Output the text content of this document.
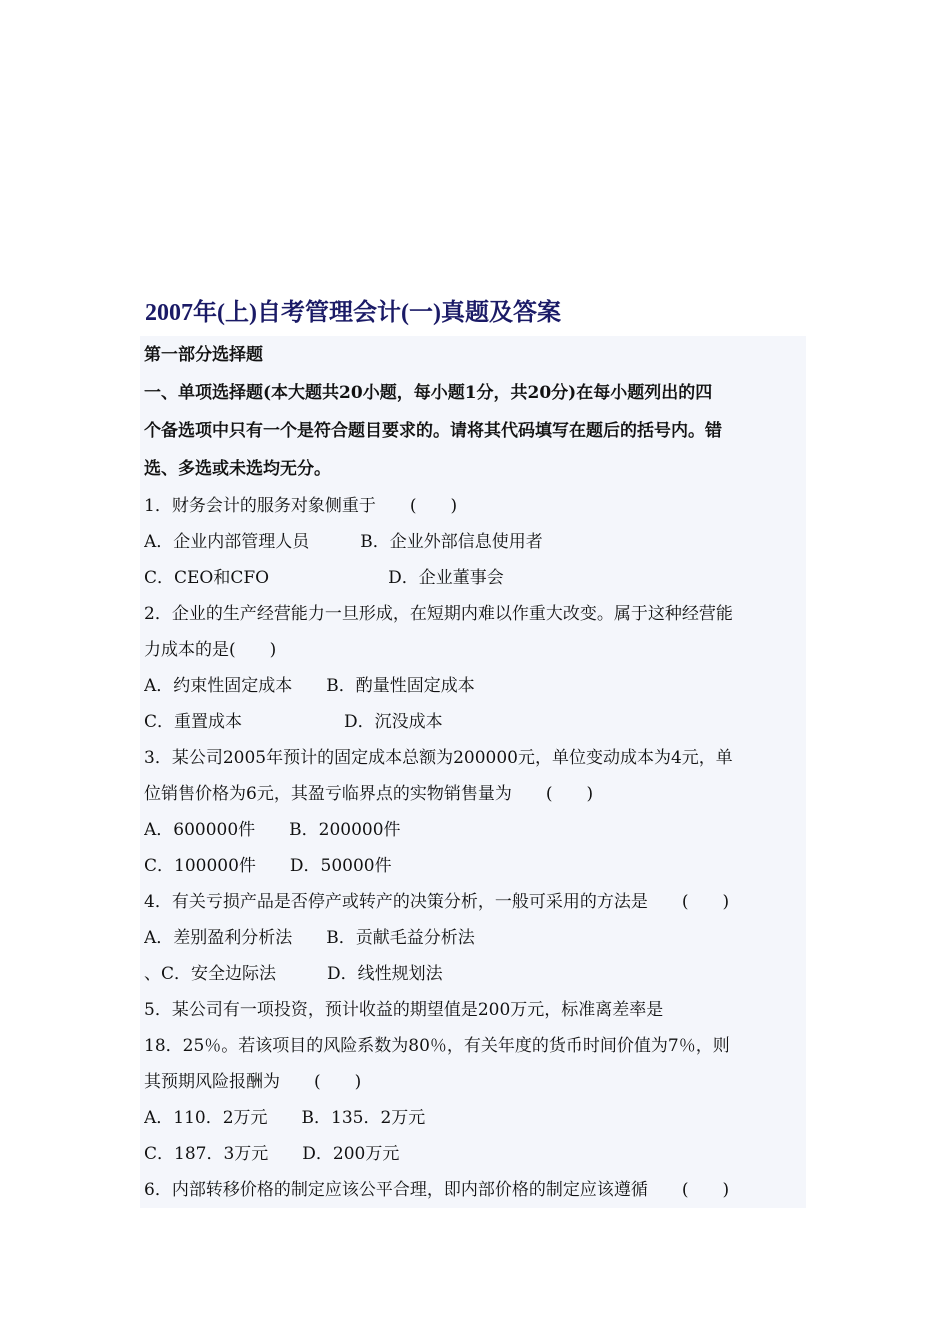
2007年(上)自考管理会计(一)真题及答案
第一部分选择题
一、单项选择题(本大题共20小题，每小题1分，共20分)在每小题列出的四
个备选项中只有一个是符合题目要求的。请将其代码填写在题后的括号内。错
选、多选或未选均无分。
1．财务会计的服务对象侧重于　　(　　)
A．企业内部管理人员　　　B．企业外部信息使用者
C．CEO和CFO　　　　　　　D．企业董事会
2．企业的生产经营能力一旦形成，在短期内难以作重大改变。属于这种经营能
力成本的是(　　)
A．约束性固定成本　　B．酌量性固定成本
C．重置成本　　　　　　D．沉没成本
3．某公司2005年预计的固定成本总额为200000元，单位变动成本为4元，单
位销售价格为6元，其盈亏临界点的实物销售量为　　(　　)
A．600000件　　B．200000件
C．100000件　　D．50000件
4．有关亏损产品是否停产或转产的决策分析，一般可采用的方法是　　(　　)
A．差别盈利分析法　　B．贡献毛益分析法
、C．安全边际法　　　D．线性规划法
5．某公司有一项投资，预计收益的期望值是200万元，标准离差率是
18．25％。若该项目的风险系数为80％，有关年度的货币时间价值为7％，则
其预期风险报酬为　　(　　)
A．110．2万元　　B．135．2万元
C．187．3万元　　D．200万元
6．内部转移价格的制定应该公平合理，即内部价格的制定应该遵循　　(　　)
